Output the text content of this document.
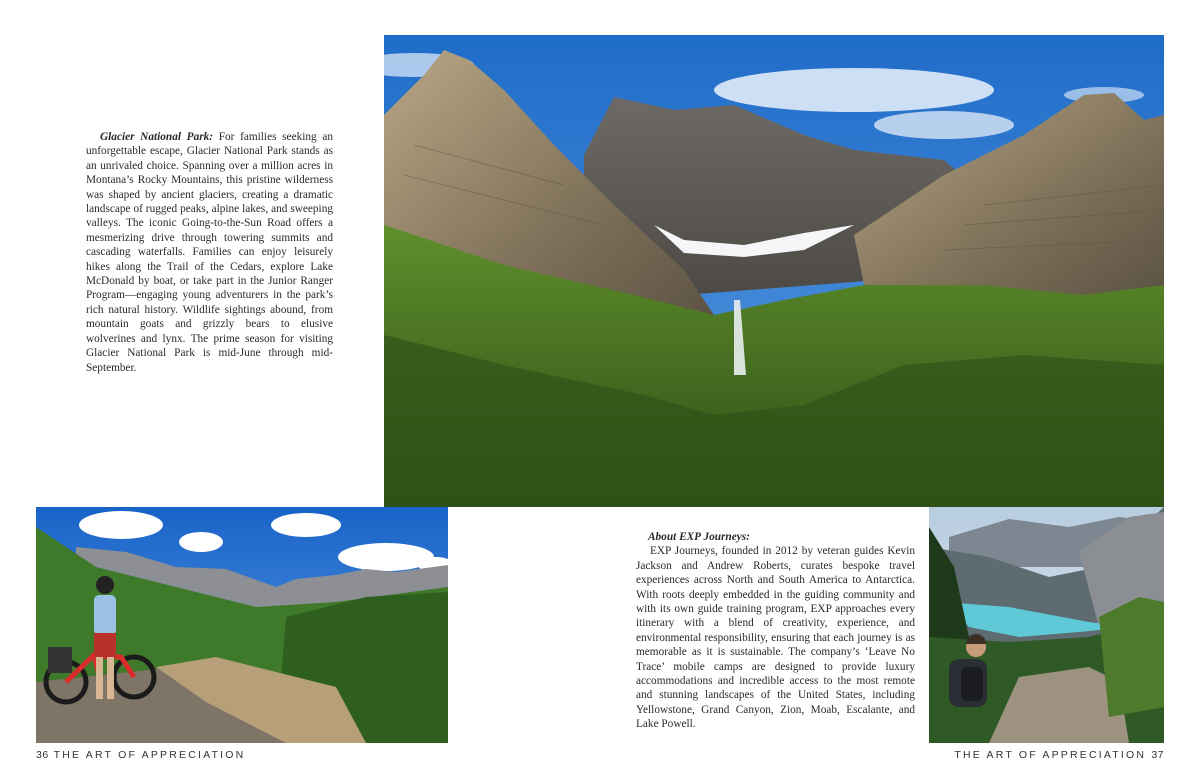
Glacier National Park: For families seeking an unforgettable escape, Glacier National Park stands as an unrivaled choice. Spanning over a million acres in Montana’s Rocky Mountains, this pristine wilderness was shaped by ancient glaciers, creating a dramatic landscape of rugged peaks, alpine lakes, and sweeping valleys. The iconic Going-to-the-Sun Road offers a mesmerizing drive through towering summits and cascading waterfalls. Families can enjoy leisurely hikes along the Trail of the Cedars, explore Lake McDonald by boat, or take part in the Junior Ranger Program—engaging young adventurers in the park’s rich natural history. Wildlife sightings abound, from mountain goats and grizzly bears to elusive wolverines and lynx. The prime season for visiting Glacier National Park is mid-June through mid-September.

About EXP Journeys:

EXP Journeys, founded in 2012 by veteran guides Kevin Jackson and Andrew Roberts, curates bespoke travel experiences across North and South America to Antarctica. With roots deeply embedded in the guiding community and with its own guide training program, EXP approaches every itinerary with a blend of creativity, experience, and environmental responsibility, ensuring that each journey is as memorable as it is sustainable. The company’s ‘Leave No Trace’ mobile camps are designed to provide luxury accommodations and incredible access to the most remote and stunning landscapes of the United States, including Yellowstone, Grand Canyon, Zion, Moab, Escalante, and Lake Powell.

36 THE ART OF APPRECIATION	THE ART OF APPRECIATION 37
